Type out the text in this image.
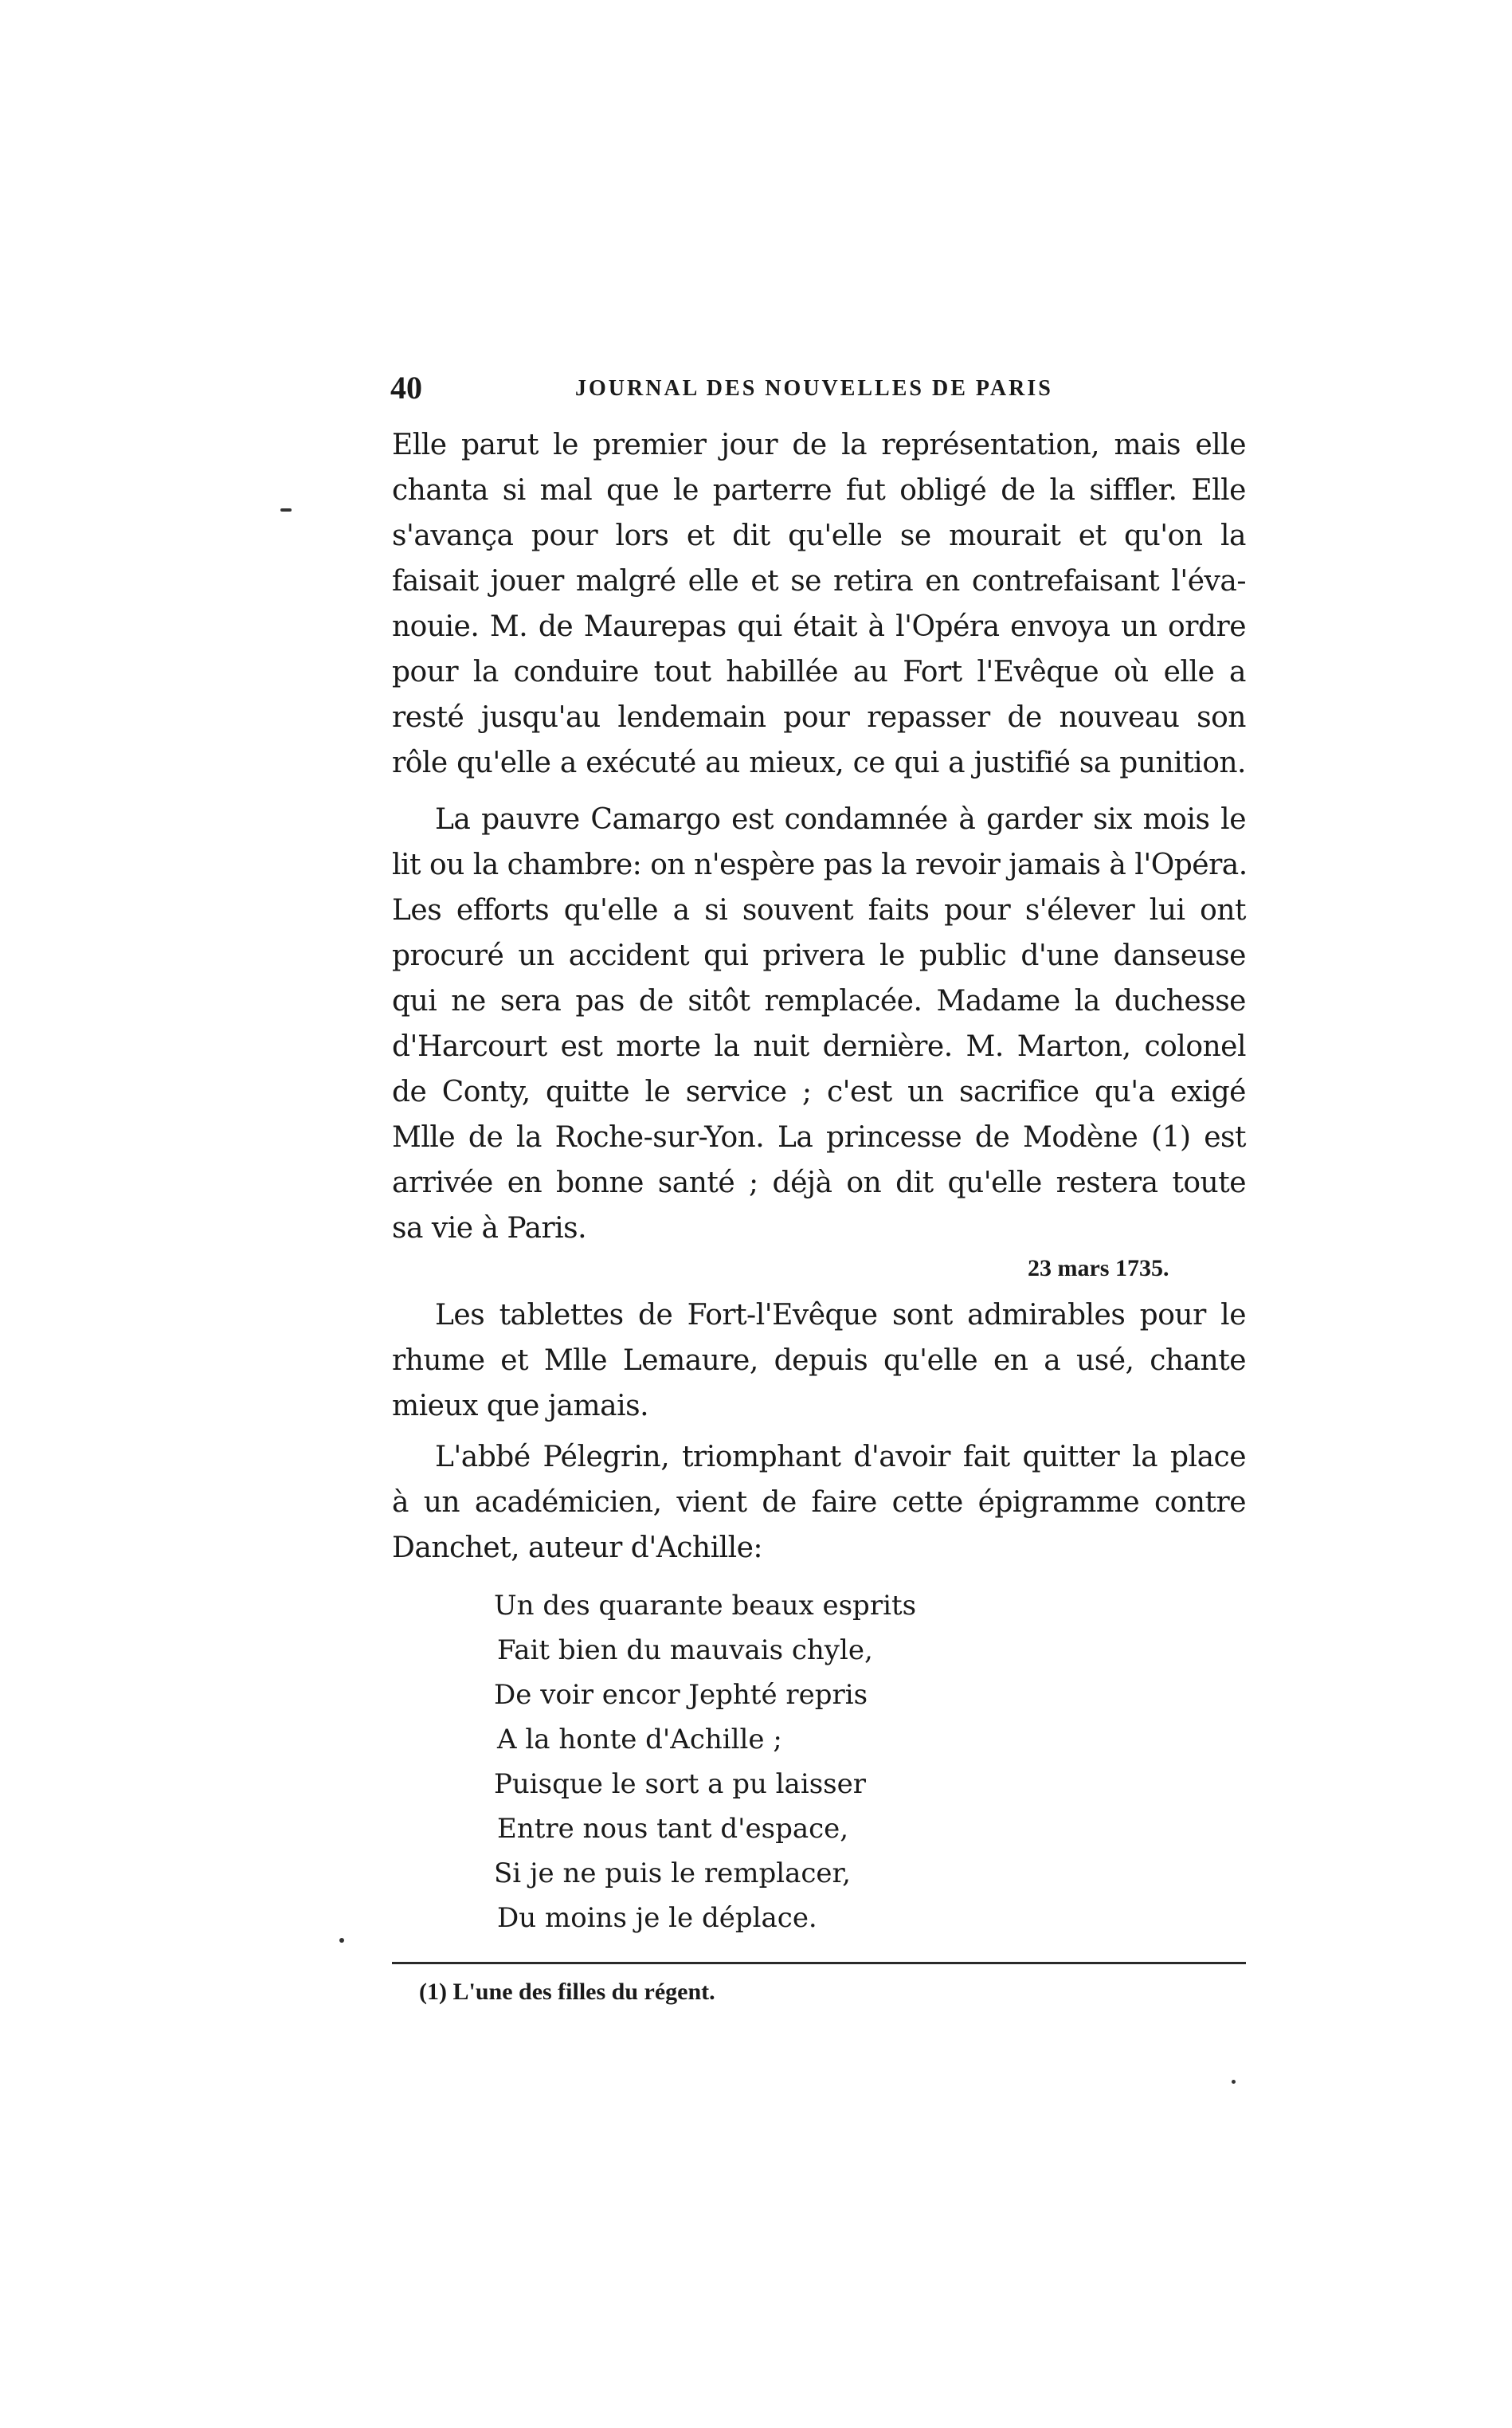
40	JOURNAL DES NOUVELLES DE PARIS
Elle parut le premier jour de la représentation, mais elle
chanta si mal que le parterre fut obligé de la siffler. Elle
s'avança pour lors et dit qu'elle se mourait et qu'on la
faisait jouer malgré elle et se retira en contrefaisant l'éva-
nouie. M. de Maurepas qui était à l'Opéra envoya un ordre
pour la conduire tout habillée au Fort l'Evêque où elle a
resté jusqu'au lendemain pour repasser de nouveau son
rôle qu'elle a exécuté au mieux, ce qui a justifié sa punition.
La pauvre Camargo est condamnée à garder six mois le
lit ou la chambre: on n'espère pas la revoir jamais à l'Opéra.
Les efforts qu'elle a si souvent faits pour s'élever lui ont
procuré un accident qui privera le public d'une danseuse
qui ne sera pas de sitôt remplacée. Madame la duchesse
d'Harcourt est morte la nuit dernière. M. Marton, colonel
de Conty, quitte le service ; c'est un sacrifice qu'a exigé
Mlle de la Roche-sur-Yon. La princesse de Modène (1) est
arrivée en bonne santé ; déjà on dit qu'elle restera toute
sa vie à Paris.
23 mars 1735.
Les tablettes de Fort-l'Evêque sont admirables pour le
rhume et Mlle Lemaure, depuis qu'elle en a usé, chante
mieux que jamais.
L'abbé Pélegrin, triomphant d'avoir fait quitter la place
à un académicien, vient de faire cette épigramme contre
Danchet, auteur d'Achille:
Un des quarante beaux esprits
Fait bien du mauvais chyle,
De voir encor Jephté repris
A la honte d'Achille ;
Puisque le sort a pu laisser
Entre nous tant d'espace,
Si je ne puis le remplacer,
Du moins je le déplace.
(1) L'une des filles du régent.
